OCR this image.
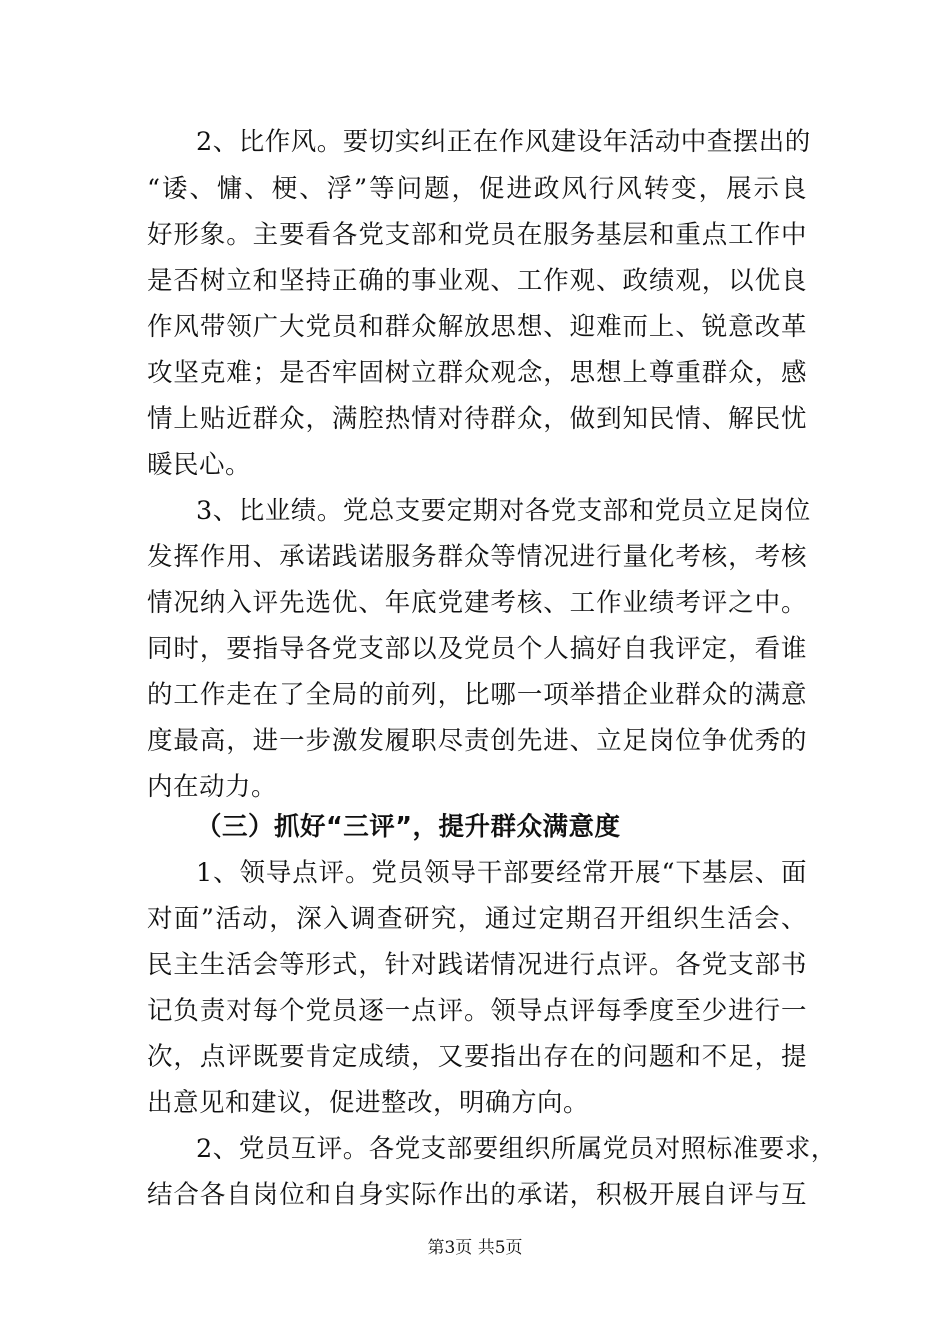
2、比作风。要切实纠正在作风建设年活动中查摆出的
“诿、慵、梗、浮”等问题，促进政风行风转变，展示良
好形象。主要看各党支部和党员在服务基层和重点工作中
是否树立和坚持正确的事业观、工作观、政绩观，以优良
作风带领广大党员和群众解放思想、迎难而上、锐意改革
攻坚克难；是否牢固树立群众观念，思想上尊重群众，感
情上贴近群众，满腔热情对待群众，做到知民情、解民忧
暖民心。
3、比业绩。党总支要定期对各党支部和党员立足岗位
发挥作用、承诺践诺服务群众等情况进行量化考核，考核
情况纳入评先选优、年底党建考核、工作业绩考评之中。
同时，要指导各党支部以及党员个人搞好自我评定，看谁
的工作走在了全局的前列，比哪一项举措企业群众的满意
度最高，进一步激发履职尽责创先进、立足岗位争优秀的
内在动力。
（三）抓好“三评”，提升群众满意度
1、领导点评。党员领导干部要经常开展“下基层、面
对面”活动，深入调查研究，通过定期召开组织生活会、
民主生活会等形式，针对践诺情况进行点评。各党支部书
记负责对每个党员逐一点评。领导点评每季度至少进行一
次，点评既要肯定成绩，又要指出存在的问题和不足，提
出意见和建议，促进整改，明确方向。
2、党员互评。各党支部要组织所属党员对照标准要求，
结合各自岗位和自身实际作出的承诺，积极开展自评与互
第3页 共5页
